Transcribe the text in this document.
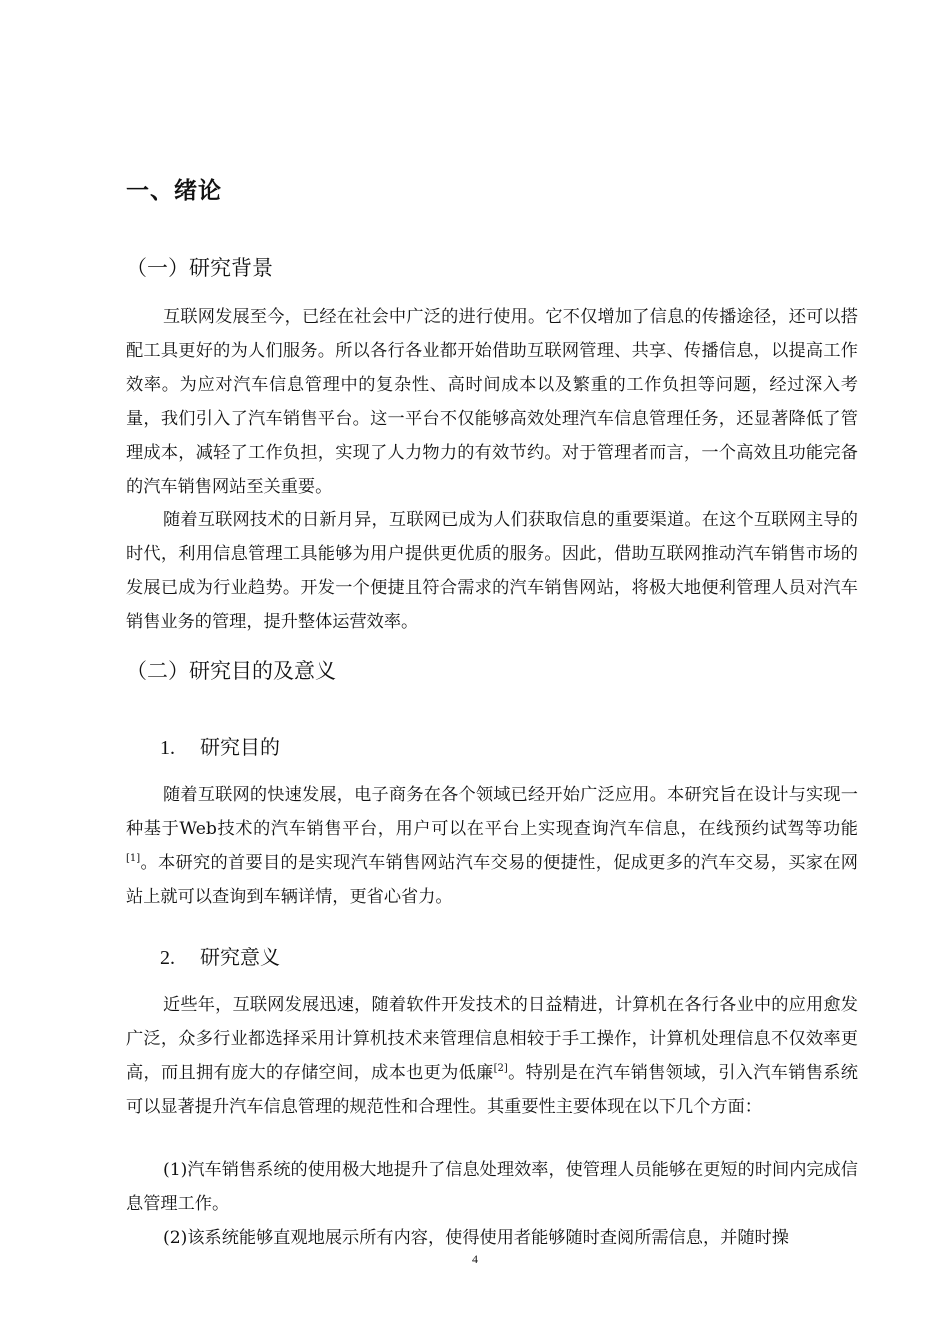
一、绪论
（一）研究背景

互联网发展至今，已经在社会中广泛的进行使用。它不仅增加了信息的传播途径，还可以搭配工具更好的为人们服务。所以各行各业都开始借助互联网管理、共享、传播信息，以提高工作效率。为应对汽车信息管理中的复杂性、高时间成本以及繁重的工作负担等问题，经过深入考量，我们引入了汽车销售平台。这一平台不仅能够高效处理汽车信息管理任务，还显著降低了管理成本，减轻了工作负担，实现了人力物力的有效节约。对于管理者而言，一个高效且功能完备的汽车销售网站至关重要。

随着互联网技术的日新月异，互联网已成为人们获取信息的重要渠道。在这个互联网主导的时代，利用信息管理工具能够为用户提供更优质的服务。因此，借助互联网推动汽车销售市场的发展已成为行业趋势。开发一个便捷且符合需求的汽车销售网站，将极大地便利管理人员对汽车销售业务的管理，提升整体运营效率。

（二）研究目的及意义
1. 研究目的

随着互联网的快速发展，电子商务在各个领域已经开始广泛应用。本研究旨在设计与实现一种基于Web技术的汽车销售平台，用户可以在平台上实现查询汽车信息，在线预约试驾等功能[1]。本研究的首要目的是实现汽车销售网站汽车交易的便捷性，促成更多的汽车交易，买家在网站上就可以查询到车辆详情，更省心省力。

2. 研究意义

近些年，互联网发展迅速，随着软件开发技术的日益精进，计算机在各行各业中的应用愈发广泛，众多行业都选择采用计算机技术来管理信息相较于手工操作，计算机处理信息不仅效率更高，而且拥有庞大的存储空间，成本也更为低廉[2]。特别是在汽车销售领域，引入汽车销售系统可以显著提升汽车信息管理的规范性和合理性。其重要性主要体现在以下几个方面：

(1)汽车销售系统的使用极大地提升了信息处理效率，使管理人员能够在更短的时间内完成信息管理工作。

(2)该系统能够直观地展示所有内容，使得使用者能够随时查阅所需信息，并随时操

4
